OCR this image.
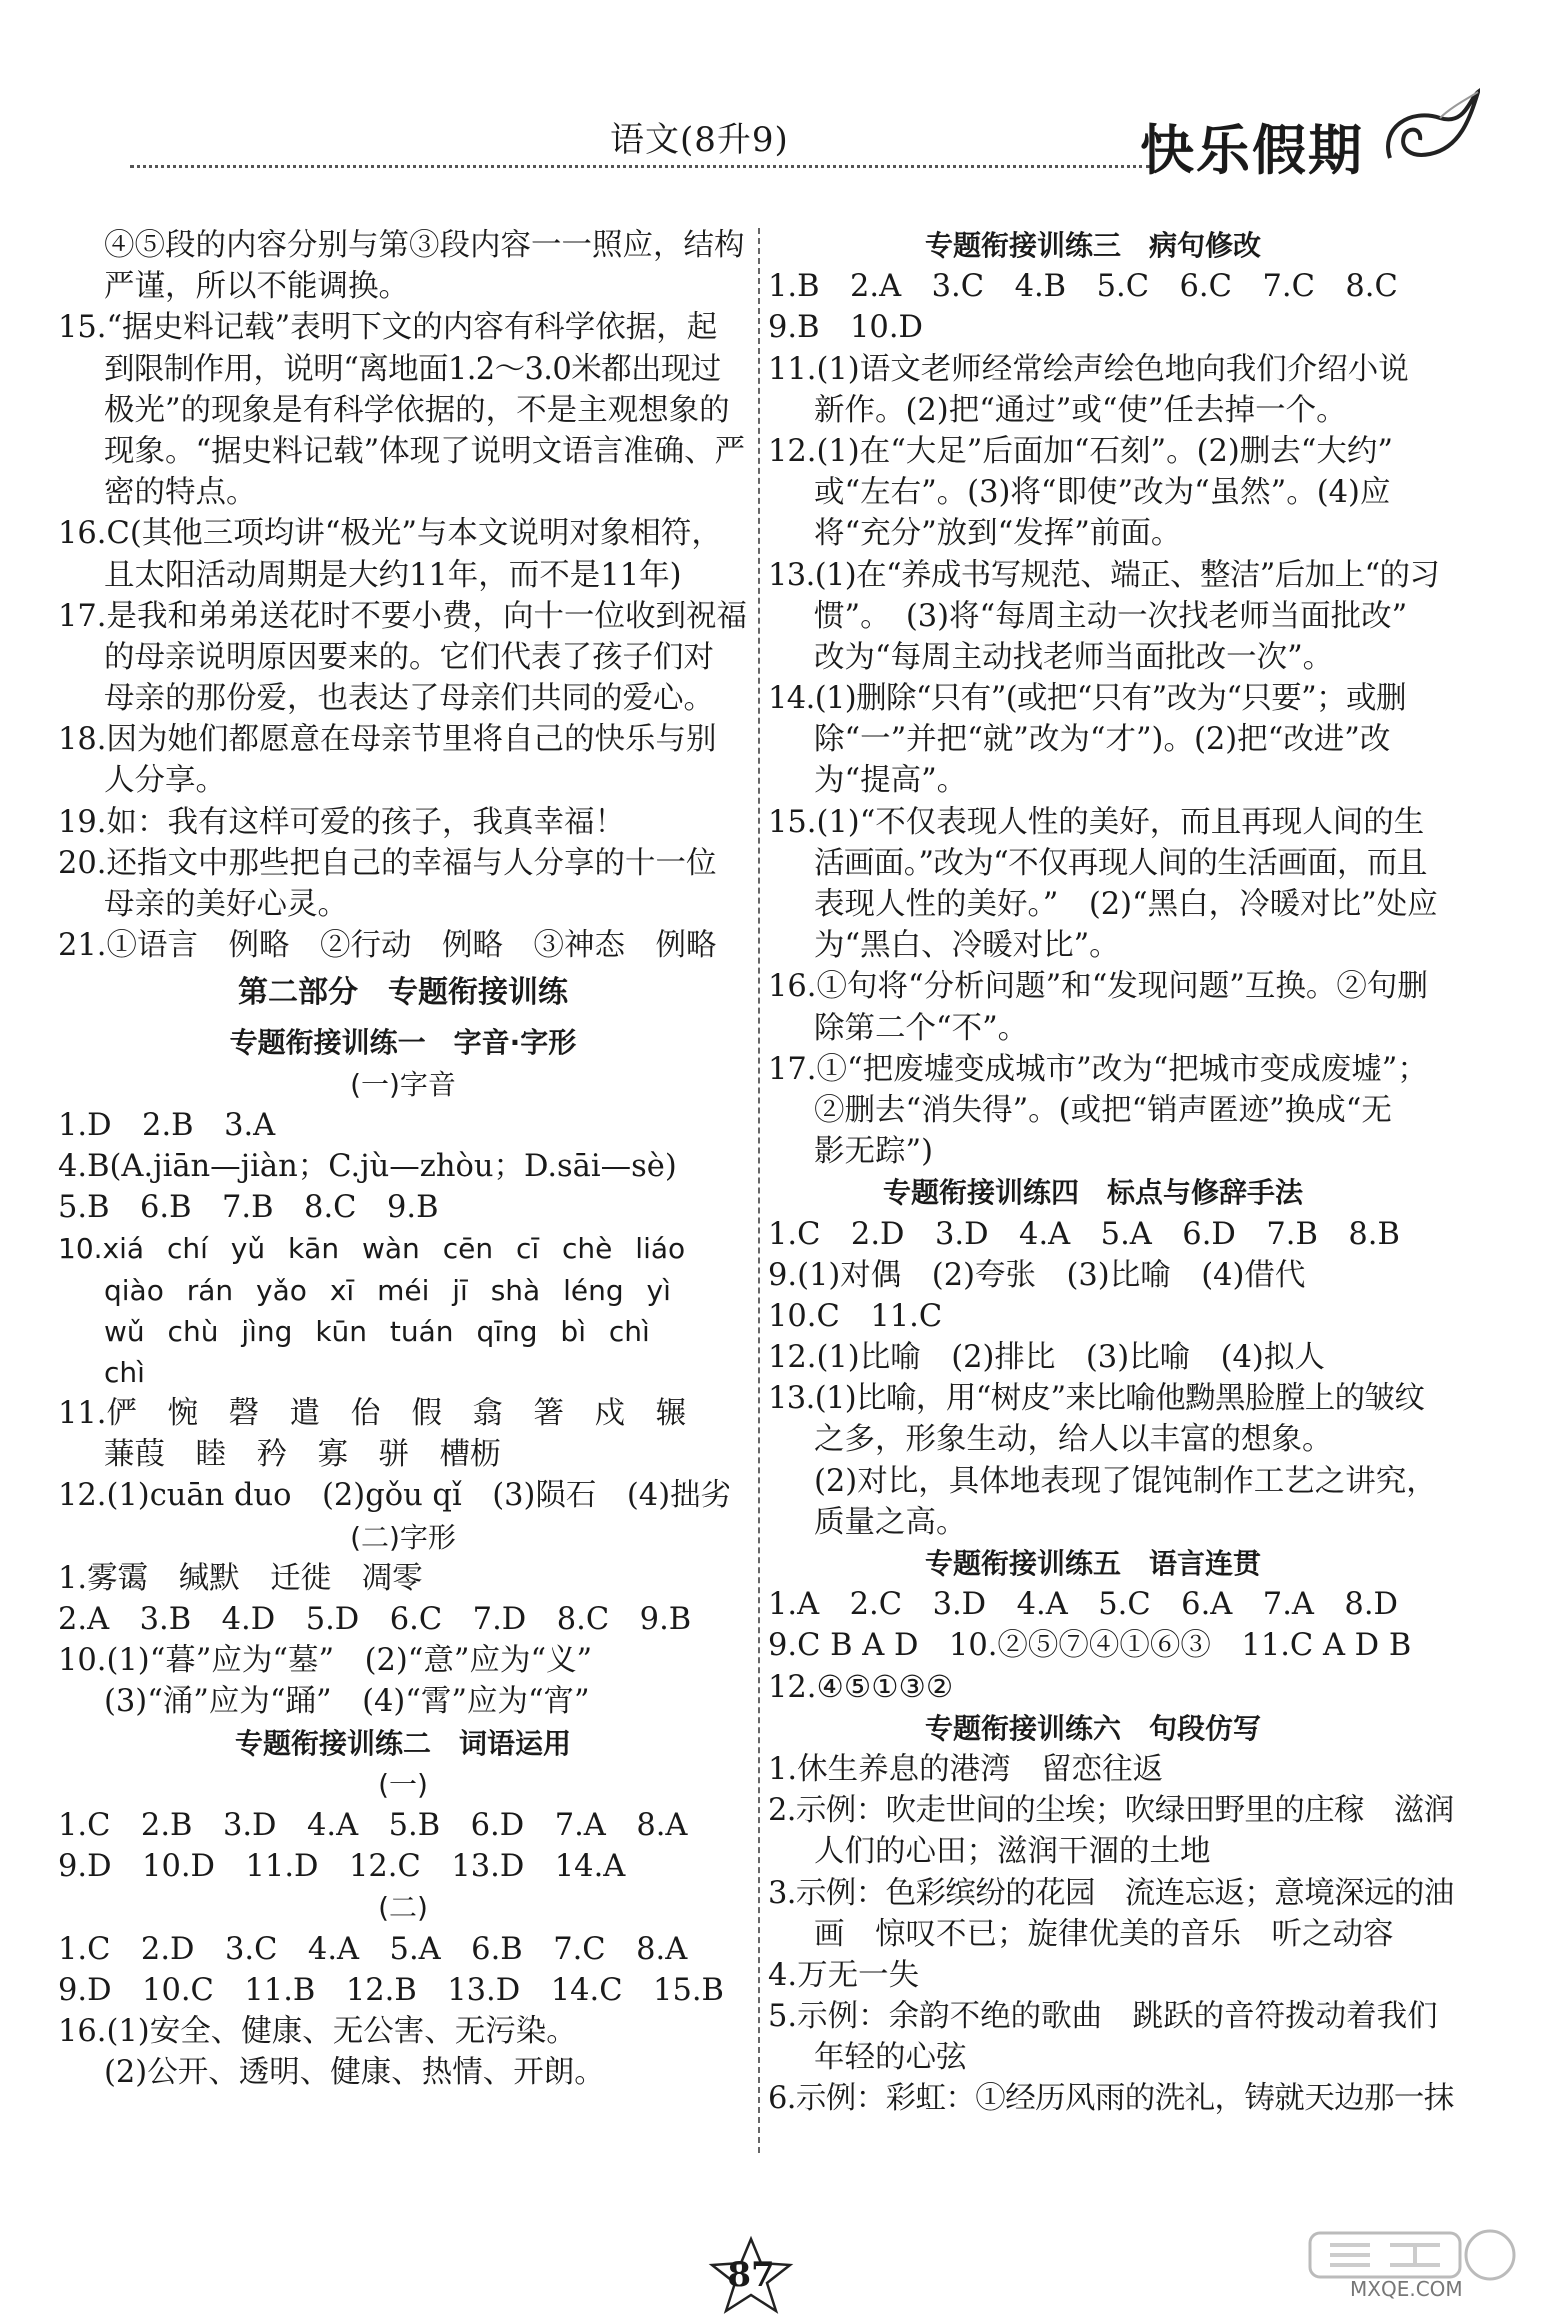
语文(8升9)	快乐假期
④⑤段的内容分别与第③段内容一一照应，结构
严谨，所以不能调换。
15.“据史料记载”表明下文的内容有科学依据，起
到限制作用，说明“离地面1.2～3.0米都出现过
极光”的现象是有科学依据的，不是主观想象的
现象。“据史料记载”体现了说明文语言准确、严
密的特点。
16.C(其他三项均讲“极光”与本文说明对象相符，
且太阳活动周期是大约11年，而不是11年)
17.是我和弟弟送花时不要小费，向十一位收到祝福
的母亲说明原因要来的。它们代表了孩子们对
母亲的那份爱，也表达了母亲们共同的爱心。
18.因为她们都愿意在母亲节里将自己的快乐与别
人分享。
19.如：我有这样可爱的孩子，我真幸福！
20.还指文中那些把自己的幸福与人分享的十一位
母亲的美好心灵。
21.①语言　例略　②行动　例略　③神态　例略
第二部分　专题衔接训练
专题衔接训练一　字音·字形
(一)字音
1.D　2.B　3.A
4.B(A.jiān—jiàn；C.jù—zhòu；D.sāi—sè)
5.B　6.B　7.B　8.C　9.B
10.xiá chí yǔ kān wàn cēn cī chè liáo
qiào rán yǎo xī méi jī shà léng yì
wǔ chù jìng kūn tuán qīng bì chì
chì
11.俨　惋　磬　遣　佁　假　翕　箸　戍　辗
蒹葭　睦　矜　寡　骈　槽枥
12.(1)cuān duo　(2)gǒu qǐ　(3)陨石　(4)拙劣
(二)字形
1.雾霭　缄默　迁徙　凋零
2.A　3.B　4.D　5.D　6.C　7.D　8.C　9.B
10.(1)“暮”应为“墓”　(2)“意”应为“义”
(3)“涌”应为“踊”　(4)“霄”应为“宵”
专题衔接训练二　词语运用
(一)
1.C　2.B　3.D　4.A　5.B　6.D　7.A　8.A
9.D　10.D　11.D　12.C　13.D　14.A
(二)
1.C　2.D　3.C　4.A　5.A　6.B　7.C　8.A
9.D　10.C　11.B　12.B　13.D　14.C　15.B
16.(1)安全、健康、无公害、无污染。
(2)公开、透明、健康、热情、开朗。
专题衔接训练三　病句修改
1.B　2.A　3.C　4.B　5.C　6.C　7.C　8.C
9.B　10.D
11.(1)语文老师经常绘声绘色地向我们介绍小说
新作。(2)把“通过”或“使”任去掉一个。
12.(1)在“大足”后面加“石刻”。(2)删去“大约”
或“左右”。(3)将“即使”改为“虽然”。(4)应
将“充分”放到“发挥”前面。
13.(1)在“养成书写规范、端正、整洁”后加上“的习
惯”。　(3)将“每周主动一次找老师当面批改”
改为“每周主动找老师当面批改一次”。
14.(1)删除“只有”(或把“只有”改为“只要”；或删
除“一”并把“就”改为“才”)。(2)把“改进”改
为“提高”。
15.(1)“不仅表现人性的美好，而且再现人间的生
活画面。”改为“不仅再现人间的生活画面，而且
表现人性的美好。”　(2)“黑白，冷暖对比”处应
为“黑白、冷暖对比”。
16.①句将“分析问题”和“发现问题”互换。②句删
除第二个“不”。
17.①“把废墟变成城市”改为“把城市变成废墟”；
②删去“消失得”。(或把“销声匿迹”换成“无
影无踪”)
专题衔接训练四　标点与修辞手法
1.C　2.D　3.D　4.A　5.A　6.D　7.B　8.B
9.(1)对偶　(2)夸张　(3)比喻　(4)借代
10.C　11.C
12.(1)比喻　(2)排比　(3)比喻　(4)拟人
13.(1)比喻，用“树皮”来比喻他黝黑脸膛上的皱纹
之多，形象生动，给人以丰富的想象。
(2)对比，具体地表现了馄饨制作工艺之讲究，
质量之高。
专题衔接训练五　语言连贯
1.A　2.C　3.D　4.A　5.C　6.A　7.A　8.D
9.C B A D　10.②⑤⑦④①⑥③　11.C A D B
12.④⑤①③②
专题衔接训练六　句段仿写
1.休生养息的港湾　留恋往返
2.示例：吹走世间的尘埃；吹绿田野里的庄稼　滋润
人们的心田；滋润干涸的土地
3.示例：色彩缤纷的花园　流连忘返；意境深远的油
画　惊叹不已；旋律优美的音乐　听之动容
4.万无一失
5.示例：余韵不绝的歌曲　跳跃的音符拨动着我们
年轻的心弦
6.示例：彩虹：①经历风雨的洗礼，铸就天边那一抹
87	MXQE.COM
